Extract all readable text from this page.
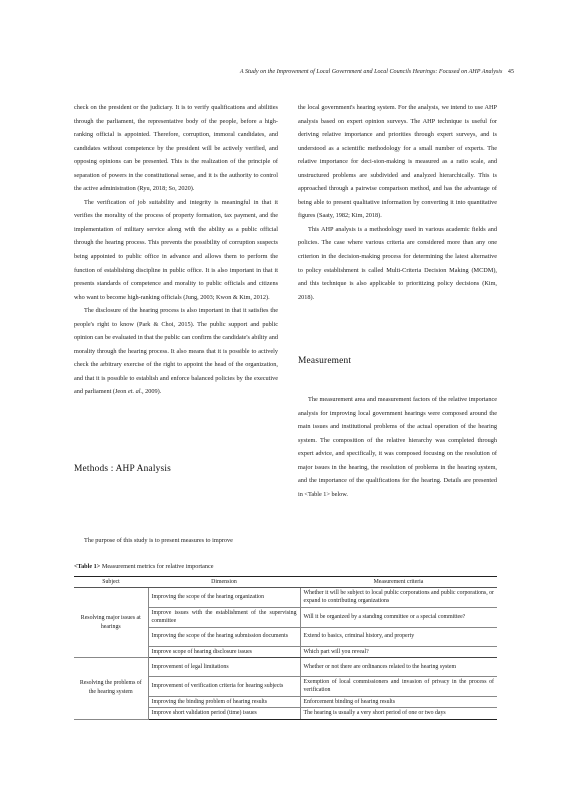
A Study on the Improvement of Local Government and Local Councils Hearings: Focused on AHP Analysis 45

check on the president or the judiciary. It is to verify qualifications and abilities through the parliament, the representative body of the people, before a high-ranking official is appointed. Therefore, corruption, immoral candidates, and candidates without competence by the president will be actively verified, and opposing opinions can be presented. This is the realization of the principle of separation of powers in the constitutional sense, and it is the authority to control the active administration (Ryu, 2018; So, 2020).

The verification of job suitability and integrity is meaningful in that it verifies the morality of the process of property formation, tax payment, and the implementation of military service along with the ability as a public official through the hearing process. This prevents the possibility of corruption suspects being appointed to public office in advance and allows them to perform the function of establishing discipline in public office. It is also important in that it presents standards of competence and morality to public officials and citizens who want to become high-ranking officials (Jung, 2003; Kwon & Kim, 2012).

The disclosure of the hearing process is also important in that it satisfies the people's right to know (Park & Choi, 2015). The public support and public opinion can be evaluated in that the public can confirm the candidate's ability and morality through the hearing process. It also means that it is possible to actively check the arbitrary exercise of the right to appoint the head of the organization, and that it is possible to establish and enforce balanced policies by the executive and parliament (Jeon et. al., 2009).

Methods : AHP Analysis

The purpose of this study is to present measures to improve

the local government's hearing system. For the analysis, we intend to use AHP analysis based on expert opinion surveys. The AHP technique is useful for deriving relative importance and priorities through expert surveys, and is understood as a scientific methodology for a small number of experts. The relative importance for deci-sion-making is measured as a ratio scale, and unstructured problems are subdivided and analyzed hierarchically. This is approached through a pairwise comparison method, and has the advantage of being able to present qualitative information by converting it into quantitative figures (Saaty, 1982; Kim, 2018).

This AHP analysis is a methodology used in various academic fields and policies. The case where various criteria are considered more than any one criterion in the decision-making process for determining the latest alternative to policy establishment is called Multi-Criteria Decision Making (MCDM), and this technique is also applicable to prioritizing policy decisions (Kim, 2018).

Measurement

The measurement area and measurement factors of the relative importance analysis for improving local government hearings were composed around the main issues and institutional problems of the actual operation of the hearing system. The composition of the relative hierarchy was completed through expert advice, and specifically, it was composed focusing on the resolution of major issues in the hearing, the resolution of problems in the hearing system, and the importance of the qualifications for the hearing. Details are presented in <Table 1> below.

<Table 1> Measurement metrics for relative importance
Subject	Dimension	Measurement criteria
Resolving major issues at hearings	Improving the scope of the hearing organization	Whether it will be subject to local public corporations and public corporations, or expand to contributing organizations
	Improve issues with the establishment of the supervising committee	Will it be organized by a standing committee or a special committee?
	Improving the scope of the hearing submission documents	Extend to basics, criminal history, and property
	Improve scope of hearing disclosure issues	Which part will you reveal?
Resolving the problems of the hearing system	Improvement of legal limitations	Whether or not there are ordinances related to the hearing system
	Improvement of verification criteria for hearing subjects	Exemption of local commissioners and invasion of privacy in the process of verification
	Improving the binding problem of hearing results	Enforcement binding of hearing results
	Improve short validation period (time) issues	The hearing is usually a very short period of one or two days
